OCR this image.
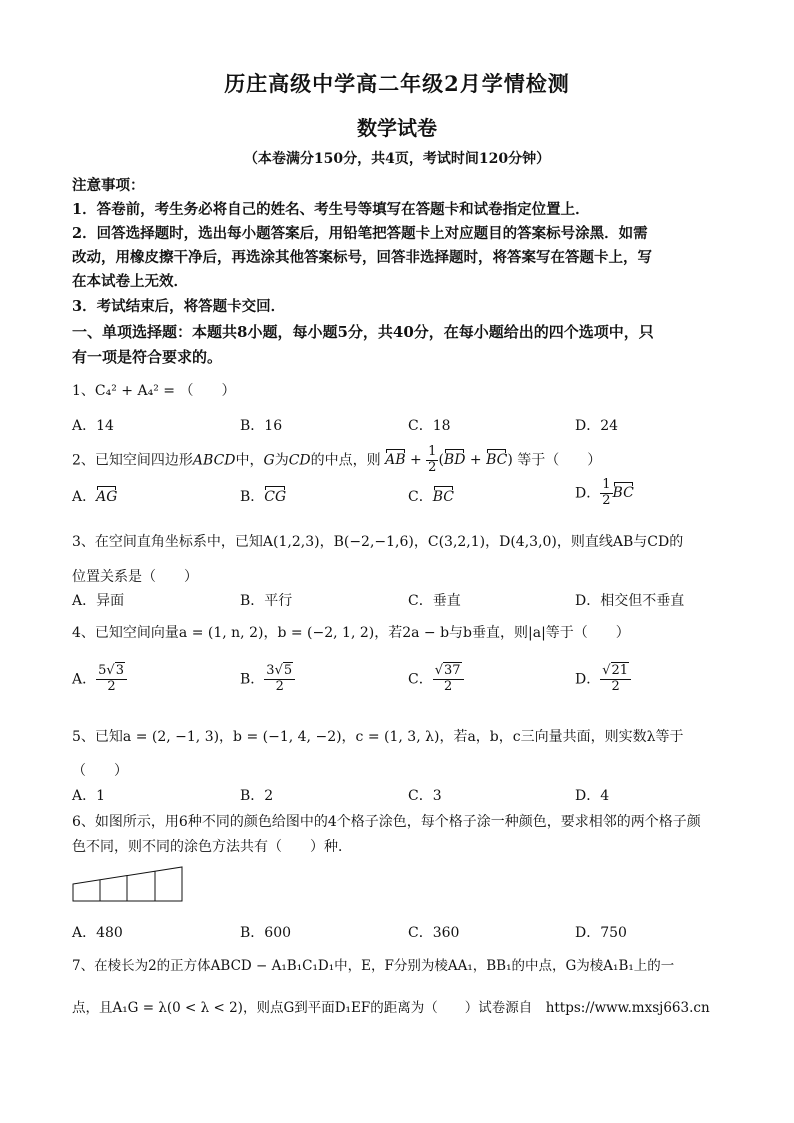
历庄高级中学高二年级2月学情检测
数学试卷
（本卷满分150分，共4页，考试时间120分钟）
注意事项：
1．答卷前，考生务必将自己的姓名、考生号等填写在答题卡和试卷指定位置上．
2．回答选择题时，选出每小题答案后，用铅笔把答题卡上对应题目的答案标号涂黑．如需
改动，用橡皮擦干净后，再选涂其他答案标号，回答非选择题时，将答案写在答题卡上，写
在本试卷上无效．
3．考试结束后，将答题卡交回．
一、单项选择题：本题共8小题，每小题5分，共40分，在每小题给出的四个选项中，只
有一项是符合要求的。
1、C₄² + A₄² = （　　）
A．14	B．16	C．18	D．24
2、已知空间四边形ABCD中，G为CD的中点，则 AB + $\frac{1}{2} (BD + BC)$ 等于（　　）
A．AG	B．CG	C．BC	D． $\frac{1}{2}$ BC
3、在空间直角坐标系中，已知A(1,2,3)，B(−2,−1,6)，C(3,2,1)，D(4,3,0)，则直线AB与CD的
位置关系是（　　）
A．异面	B．平行	C．垂直	D．相交但不垂直
4、已知空间向量a = (1, n, 2)，b = (−2, 1, 2)，若2a − b与b垂直，则|a|等于（　　）
A． $\frac{5√3}{2}$	B． $\frac{3√5}{2}$	C． $\frac{√37}{2}$	D． $\frac{√21}{2}$
5、已知a = (2, −1, 3)，b = (−1, 4, −2)，c = (1, 3, λ)，若a，b，c三向量共面，则实数λ等于
（　　）
A．1	B．2	C．3	D．4
6、如图所示，用6种不同的颜色给图中的4个格子涂色，每个格子涂一种颜色，要求相邻的两个格子颜
色不同，则不同的涂色方法共有（　　）种．
A．480	B．600	C．360	D．750
7、在棱长为2的正方体ABCD − A₁B₁C₁D₁中，E，F分别为棱AA₁，BB₁的中点，G为棱A₁B₁上的一
点，且A₁G = λ(0 < λ < 2)，则点G到平面D₁EF的距离为（　　）试卷源自　https://www.mxsj663.cn
